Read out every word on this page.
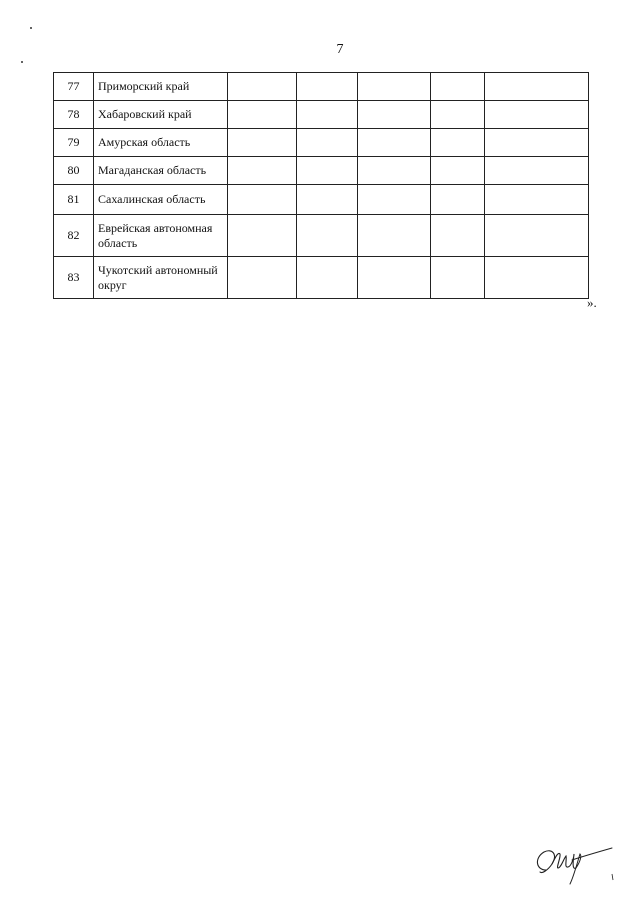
7
77	Приморский край					
78	Хабаровский край					
79	Амурская область					
80	Магаданская область					
81	Сахалинская область					
82	Еврейская автономная область					
83	Чукотский автономный округ					
».
